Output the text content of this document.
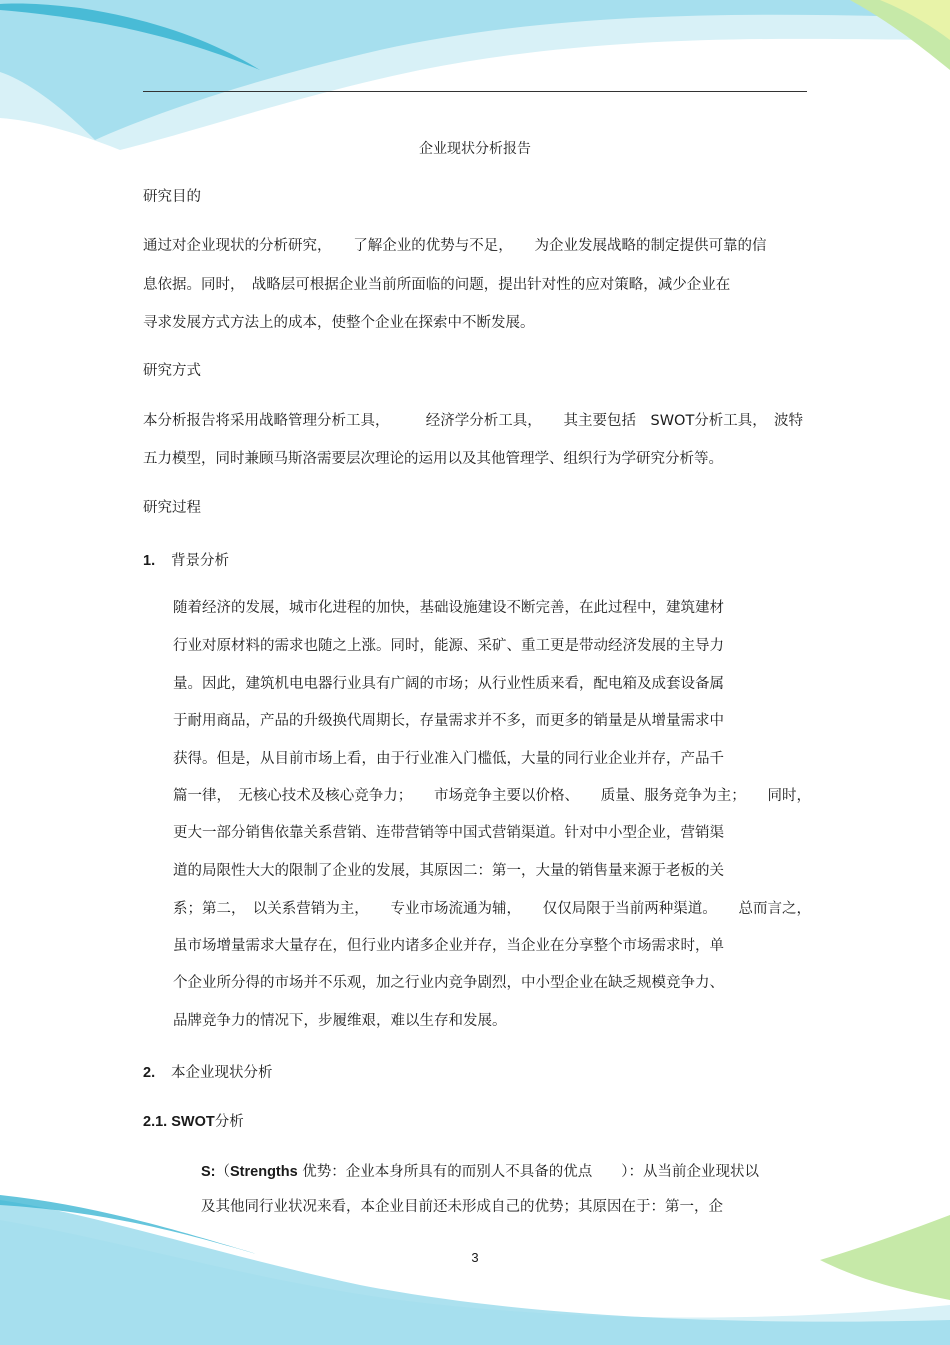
企业现状分析报告
研究目的
通过对企业现状的分析研究，　　了解企业的优势与不足，　　为企业发展战略的制定提供可靠的信
息依据。同时，　战略层可根据企业当前所面临的问题，提出针对性的应对策略，减少企业在
寻求发展方式方法上的成本，使整个企业在探索中不断发展。
研究方式
本分析报告将采用战略管理分析工具，　　　经济学分析工具，　　其主要包括　SWOT分析工具，　波特
五力模型，同时兼顾马斯洛需要层次理论的运用以及其他管理学、组织行为学研究分析等。
研究过程
1. 背景分析
随着经济的发展，城市化进程的加快，基础设施建设不断完善，在此过程中，建筑建材
行业对原材料的需求也随之上涨。同时，能源、采矿、重工更是带动经济发展的主导力
量。因此，建筑机电电器行业具有广阔的市场；从行业性质来看，配电箱及成套设备属
于耐用商品，产品的升级换代周期长，存量需求并不多，而更多的销量是从增量需求中
获得。但是，从目前市场上看，由于行业准入门槛低，大量的同行业企业并存，产品千
篇一律，　无核心技术及核心竞争力；　　市场竞争主要以价格、　　质量、服务竞争为主；　　同时，
更大一部分销售依靠关系营销、连带营销等中国式营销渠道。针对中小型企业，营销渠
道的局限性大大的限制了企业的发展，其原因二：第一，大量的销售量来源于老板的关
系；第二，　以关系营销为主，　　专业市场流通为辅，　　仅仅局限于当前两种渠道。　　总而言之，
虽市场增量需求大量存在，但行业内诸多企业并存，当企业在分享整个市场需求时，单
个企业所分得的市场并不乐观，加之行业内竞争剧烈，中小型企业在缺乏规模竞争力、
品牌竞争力的情况下，步履维艰，难以生存和发展。
2. 本企业现状分析
2.1. SWOT分析
S:（Strengths 优势：企业本身所具有的而别人不具备的优点　　）：从当前企业现状以
及其他同行业状况来看，本企业目前还未形成自己的优势；其原因在于：第一，企
3
